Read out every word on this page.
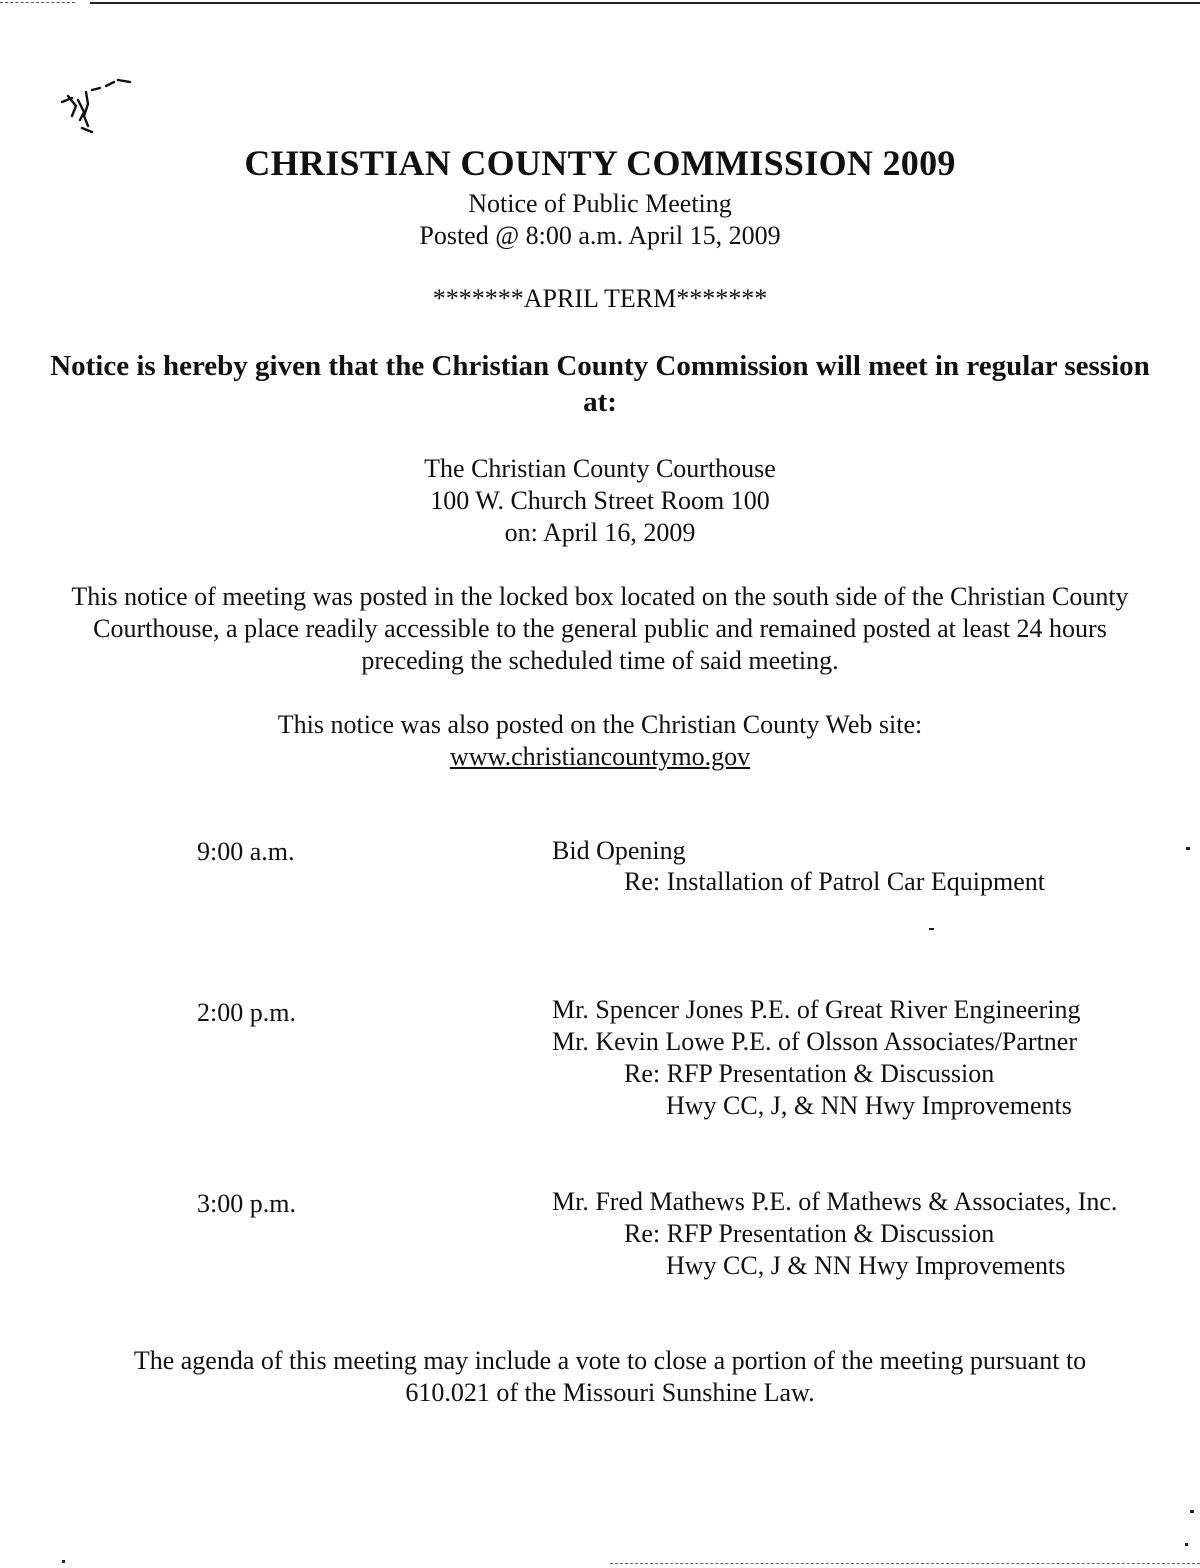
CHRISTIAN COUNTY COMMISSION 2009

Notice of Public Meeting

Posted @ 8:00 a.m. April 15, 2009

*******APRIL TERM*******

Notice is hereby given that the Christian County Commission will meet in regular session at:

The Christian County Courthouse

100 W. Church Street Room 100

on: April 16, 2009

This notice of meeting was posted in the locked box located on the south side of the Christian County Courthouse, a place readily accessible to the general public and remained posted at least 24 hours preceding the scheduled time of said meeting.

This notice was also posted on the Christian County Web site:

www.christiancountymo.gov

9:00 a.m.	Bid Opening

Re: Installation of Patrol Car Equipment

2:00 p.m.	Mr. Spencer Jones P.E. of Great River Engineering

Mr. Kevin Lowe P.E. of Olsson Associates/Partner

Re: RFP Presentation & Discussion

Hwy CC, J, & NN Hwy Improvements

3:00 p.m.	Mr. Fred Mathews P.E. of Mathews & Associates, Inc.

Re: RFP Presentation & Discussion

Hwy CC, J & NN Hwy Improvements

The agenda of this meeting may include a vote to close a portion of the meeting pursuant to 610.021 of the Missouri Sunshine Law.
